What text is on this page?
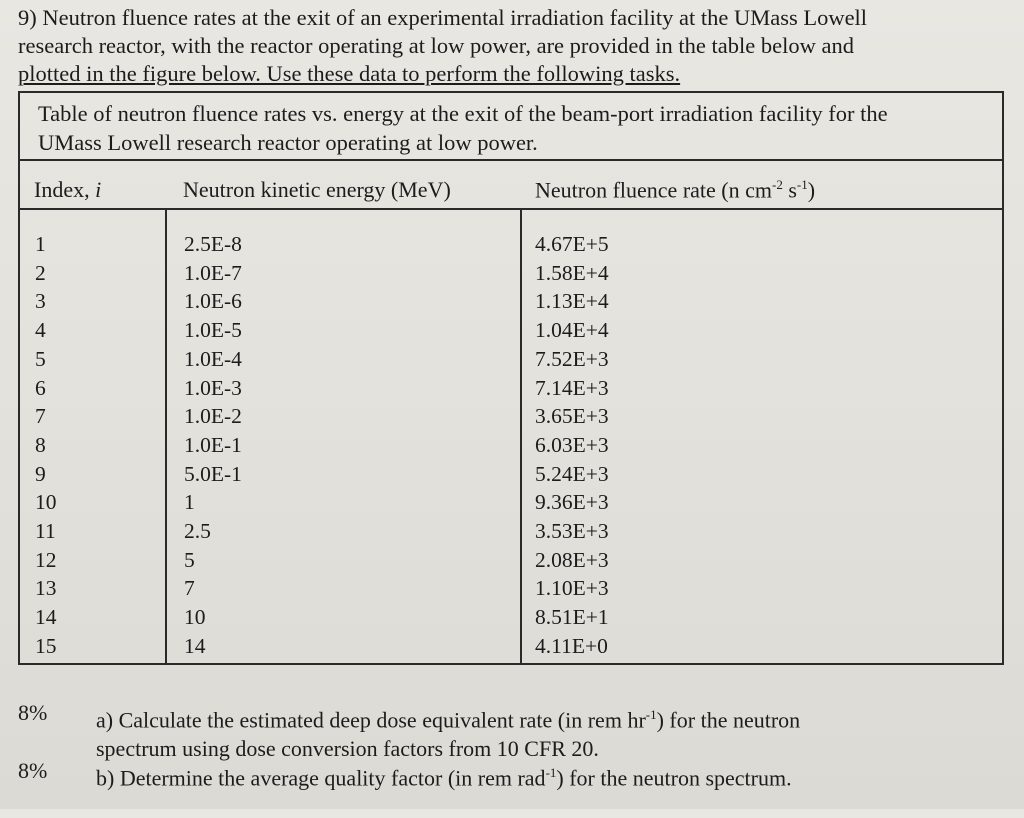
9) Neutron fluence rates at the exit of an experimental irradiation facility at the UMass Lowell
research reactor, with the reactor operating at low power, are provided in the table below and
plotted in the figure below. Use these data to perform the following tasks.
Table of neutron fluence rates vs. energy at the exit of the beam-port irradiation facility for the
UMass Lowell research reactor operating at low power.
Index, i	Neutron kinetic energy (MeV)	Neutron fluence rate (n $cm^{-2}$ $s^{-1}$)
1
2
3
4
5
6
7
8
9
10
11
12
13
14
15
2.5E-8
1.0E-7
1.0E-6
1.0E-5
1.0E-4
1.0E-3
1.0E-2
1.0E-1
5.0E-1
1
2.5
5
7
10
14
4.67E+5
1.58E+4
1.13E+4
1.04E+4
7.52E+3
7.14E+3
3.65E+3
6.03E+3
5.24E+3
9.36E+3
3.53E+3
2.08E+3
1.10E+3
8.51E+1
4.11E+0
8% a) Calculate the estimated deep dose equivalent rate (in rem $hr^{-1}$) for the neutron
spectrum using dose conversion factors from 10 CFR 20.
8% b) Determine the average quality factor (in rem rad$^{-1}$) for the neutron spectrum.
